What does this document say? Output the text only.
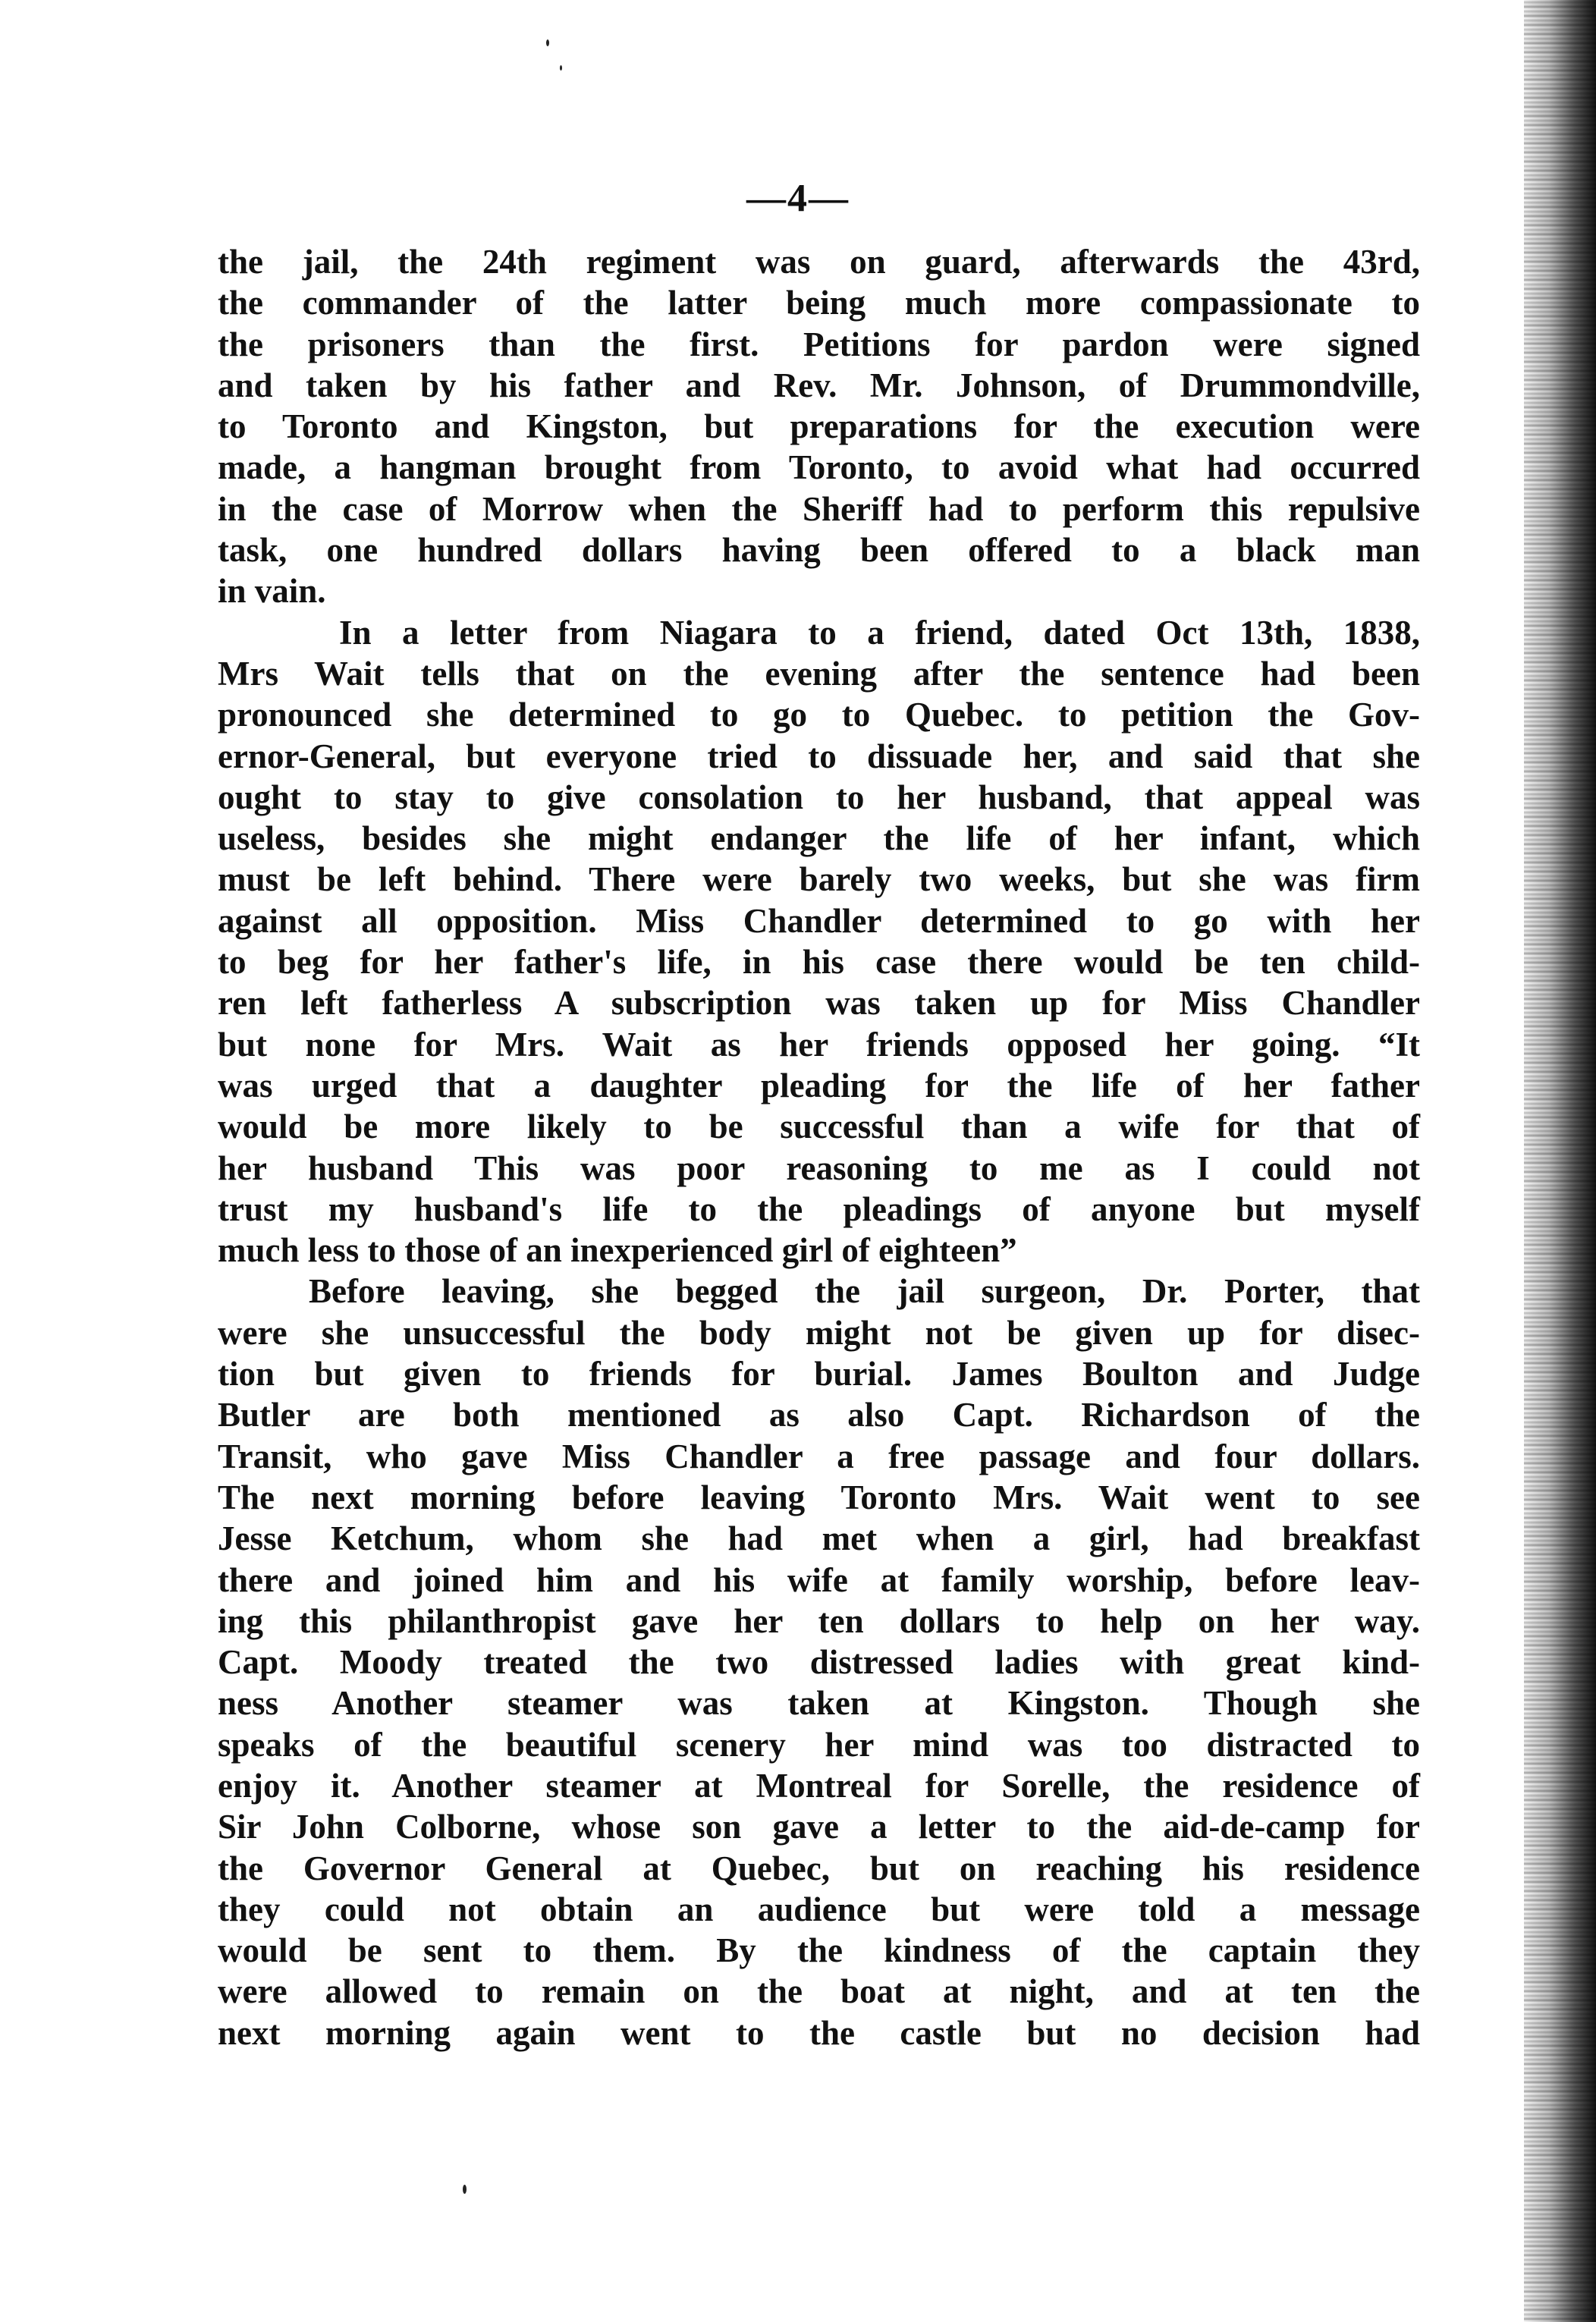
—4—
the jail, the 24th regiment was on guard, afterwards the 43rd,
the commander of the latter being much more compassionate to
the prisoners than the first. Petitions for pardon were signed
and taken by his father and Rev. Mr. Johnson, of Drummondville,
to Toronto and Kingston, but preparations for the execution were
made, a hangman brought from Toronto, to avoid what had occurred
in the case of Morrow when the Sheriff had to perform this repulsive
task, one hundred dollars having been offered to a black man
in vain.
In a letter from Niagara to a friend, dated Oct 13th, 1838,
Mrs Wait tells that on the evening after the sentence had been
pronounced she determined to go to Quebec. to petition the Gov-
ernor-General, but everyone tried to dissuade her, and said that she
ought to stay to give consolation to her husband, that appeal was
useless, besides she might endanger the life of her infant, which
must be left behind. There were barely two weeks, but she was firm
against all opposition. Miss Chandler determined to go with her
to beg for her father's life, in his case there would be ten child-
ren left fatherless A subscription was taken up for Miss Chandler
but none for Mrs. Wait as her friends opposed her going. “It
was urged that a daughter pleading for the life of her father
would be more likely to be successful than a wife for that of
her husband This was poor reasoning to me as I could not
trust my husband's life to the pleadings of anyone but myself
much less to those of an inexperienced girl of eighteen”
Before leaving, she begged the jail surgeon, Dr. Porter, that
were she unsuccessful the body might not be given up for disec-
tion but given to friends for burial. James Boulton and Judge
Butler are both mentioned as also Capt. Richardson of the
Transit, who gave Miss Chandler a free passage and four dollars.
The next morning before leaving Toronto Mrs. Wait went to see
Jesse Ketchum, whom she had met when a girl, had breakfast
there and joined him and his wife at family worship, before leav-
ing this philanthropist gave her ten dollars to help on her way.
Capt. Moody treated the two distressed ladies with great kind-
ness Another steamer was taken at Kingston. Though she
speaks of the beautiful scenery her mind was too distracted to
enjoy it. Another steamer at Montreal for Sorelle, the residence of
Sir John Colborne, whose son gave a letter to the aid-de-camp for
the Governor General at Quebec, but on reaching his residence
they could not obtain an audience but were told a message
would be sent to them. By the kindness of the captain they
were allowed to remain on the boat at night, and at ten the
next morning again went to the castle but no decision had
